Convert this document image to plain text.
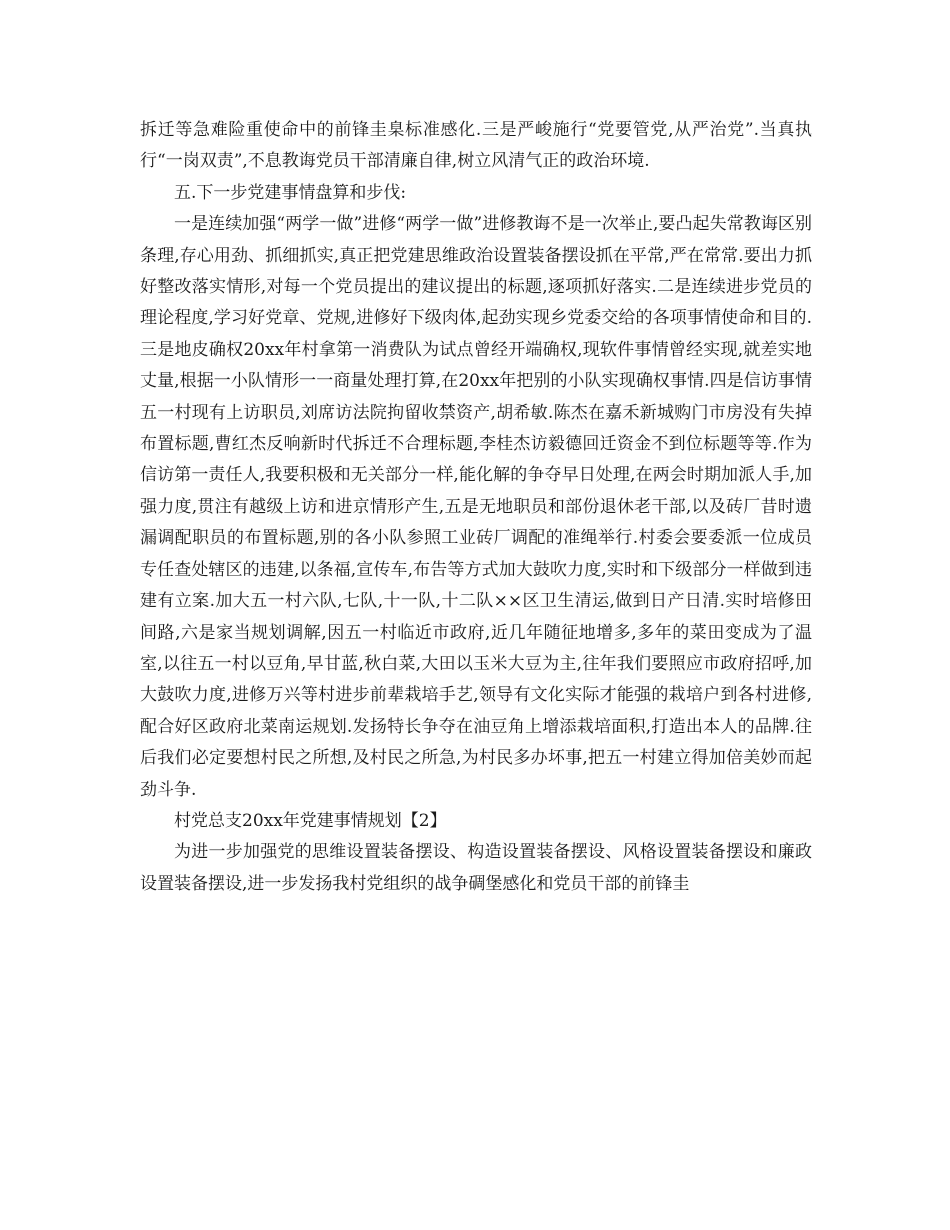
拆迁等急难险重使命中的前锋圭臬标准感化.三是严峻施行“党要管党,从严治党”.当真执行“一岗双责”,不息教诲党员干部清廉自律,树立风清气正的政治环境.

五.下一步党建事情盘算和步伐:

一是连续加强“两学一做”进修“两学一做”进修教诲不是一次举止,要凸起失常教诲区别条理,存心用劲、抓细抓实,真正把党建思维政治设置装备摆设抓在平常,严在常常.要出力抓好整改落实情形,对每一个党员提出的建议提出的标题,逐项抓好落实.二是连续进步党员的理论程度,学习好党章、党规,进修好下级肉体,起劲实现乡党委交给的各项事情使命和目的.三是地皮确权20xx年村拿第一消费队为试点曾经开端确权,现软件事情曾经实现,就差实地丈量,根据一小队情形一一商量处理打算,在20xx年把别的小队实现确权事情.四是信访事情五一村现有上访职员,刘席访法院拘留收禁资产,胡希敏.陈杰在嘉禾新城购门市房没有失掉布置标题,曹红杰反响新时代拆迁不合理标题,李桂杰访毅德回迁资金不到位标题等等.作为信访第一责任人,我要积极和无关部分一样,能化解的争夺早日处理,在两会时期加派人手,加强力度,贯注有越级上访和进京情形产生,五是无地职员和部份退休老干部,以及砖厂昔时遗漏调配职员的布置标题,别的各小队参照工业砖厂调配的准绳举行.村委会要委派一位成员专任查处辖区的违建,以条福,宣传车,布告等方式加大鼓吹力度,实时和下级部分一样做到违建有立案.加大五一村六队,七队,十一队,十二队××区卫生清运,做到日产日清.实时培修田间路,六是家当规划调解,因五一村临近市政府,近几年随征地增多,多年的菜田变成为了温室,以往五一村以豆角,早甘蓝,秋白菜,大田以玉米大豆为主,往年我们要照应市政府招呼,加大鼓吹力度,进修万兴等村进步前辈栽培手艺,领导有文化实际才能强的栽培户到各村进修,配合好区政府北菜南运规划.发扬特长争夺在油豆角上增添栽培面积,打造出本人的品牌.往后我们必定要想村民之所想,及村民之所急,为村民多办坏事,把五一村建立得加倍美妙而起劲斗争.

村党总支20xx年党建事情规划【2】

为进一步加强党的思维设置装备摆设、构造设置装备摆设、风格设置装备摆设和廉政设置装备摆设,进一步发扬我村党组织的战争碉堡感化和党员干部的前锋圭
